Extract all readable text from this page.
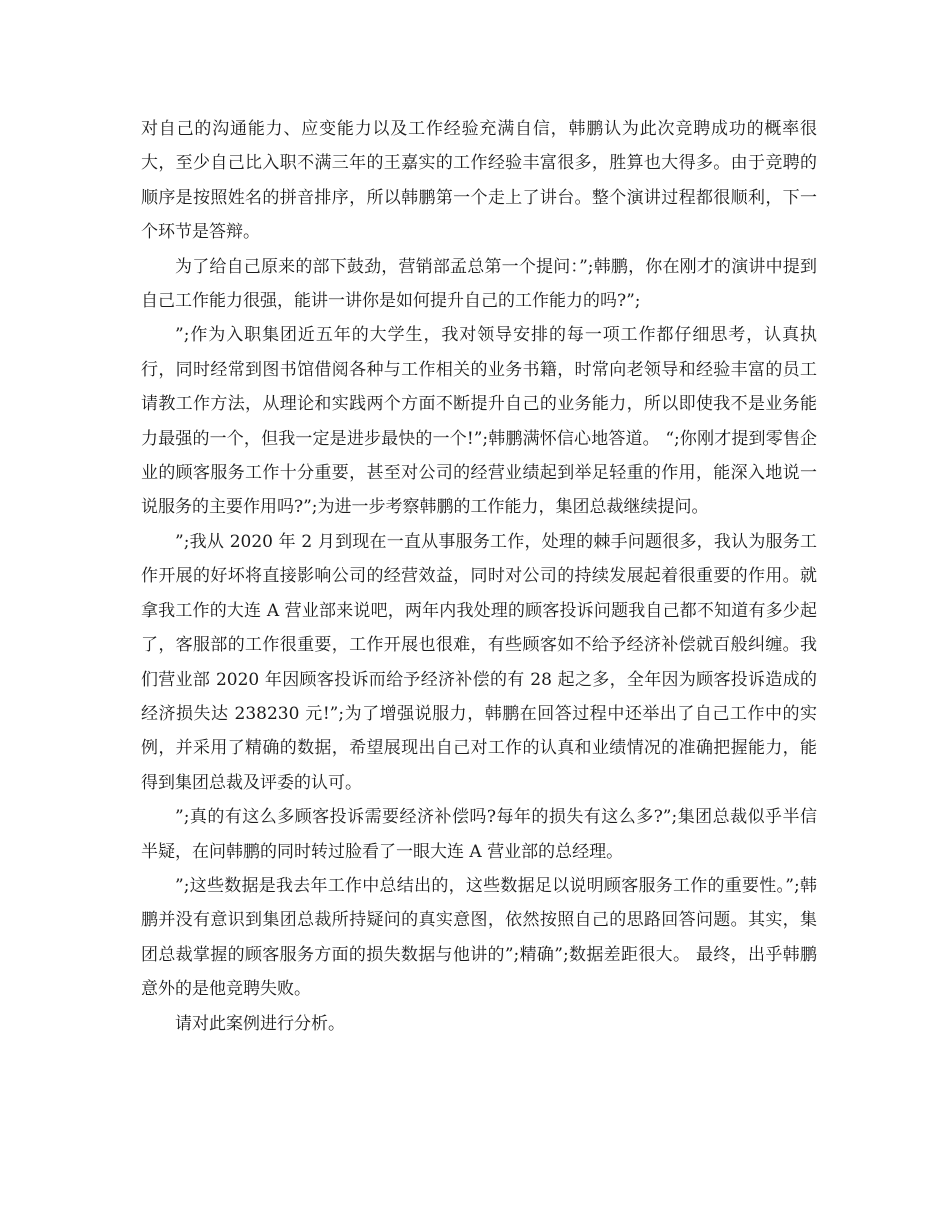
对自己的沟通能力、应变能力以及工作经验充满自信，韩鹏认为此次竞聘成功的概率很大，至少自己比入职不满三年的王嘉实的工作经验丰富很多，胜算也大得多。由于竞聘的顺序是按照姓名的拼音排序，所以韩鹏第一个走上了讲台。整个演讲过程都很顺利，下一个环节是答辩。

为了给自己原来的部下鼓劲，营销部孟总第一个提问：”;韩鹏，你在刚才的演讲中提到自己工作能力很强，能讲一讲你是如何提升自己的工作能力的吗?”;

”;作为入职集团近五年的大学生，我对领导安排的每一项工作都仔细思考，认真执行，同时经常到图书馆借阅各种与工作相关的业务书籍，时常向老领导和经验丰富的员工请教工作方法，从理论和实践两个方面不断提升自己的业务能力，所以即使我不是业务能力最强的一个，但我一定是进步最快的一个!”;韩鹏满怀信心地答道。 “;你刚才提到零售企业的顾客服务工作十分重要，甚至对公司的经营业绩起到举足轻重的作用，能深入地说一说服务的主要作用吗?”;为进一步考察韩鹏的工作能力，集团总裁继续提问。

”;我从 2020 年 2 月到现在一直从事服务工作，处理的棘手问题很多，我认为服务工作开展的好坏将直接影响公司的经营效益，同时对公司的持续发展起着很重要的作用。就拿我工作的大连 A 营业部来说吧，两年内我处理的顾客投诉问题我自己都不知道有多少起了，客服部的工作很重要，工作开展也很难，有些顾客如不给予经济补偿就百般纠缠。我们营业部 2020 年因顾客投诉而给予经济补偿的有 28 起之多，全年因为顾客投诉造成的经济损失达 238230 元!”;为了增强说服力，韩鹏在回答过程中还举出了自己工作中的实例，并采用了精确的数据，希望展现出自己对工作的认真和业绩情况的准确把握能力，能得到集团总裁及评委的认可。

”;真的有这么多顾客投诉需要经济补偿吗?每年的损失有这么多?”;集团总裁似乎半信半疑，在问韩鹏的同时转过脸看了一眼大连 A 营业部的总经理。

”;这些数据是我去年工作中总结出的，这些数据足以说明顾客服务工作的重要性。”;韩鹏并没有意识到集团总裁所持疑问的真实意图，依然按照自己的思路回答问题。其实，集团总裁掌握的顾客服务方面的损失数据与他讲的”;精确”;数据差距很大。 最终，出乎韩鹏意外的是他竞聘失败。

请对此案例进行分析。
